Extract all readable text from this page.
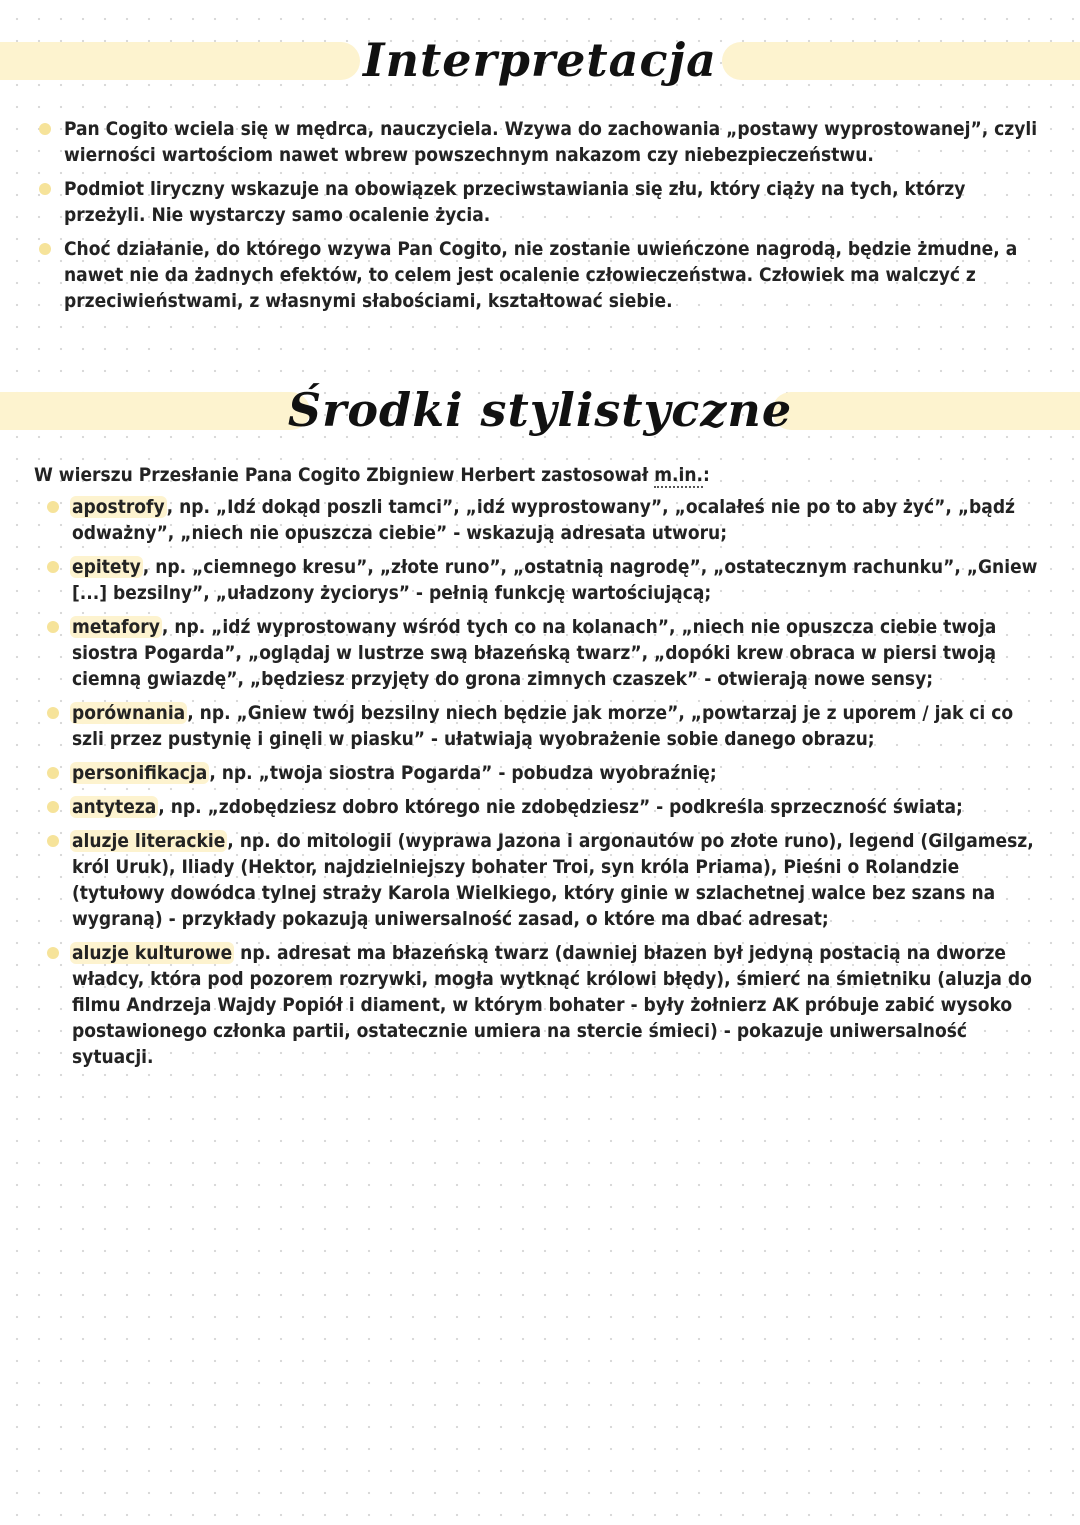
Interpretacja
Pan Cogito wciela się w mędrca, nauczyciela. Wzywa do zachowania „postawy wyprostowanej”, czyli wierności wartościom nawet wbrew powszechnym nakazom czy niebezpieczeństwu.
Podmiot liryczny wskazuje na obowiązek przeciwstawiania się złu, który ciąży na tych, którzy przeżyli. Nie wystarczy samo ocalenie życia.
Choć działanie, do którego wzywa Pan Cogito, nie zostanie uwieńczone nagrodą, będzie żmudne, a nawet nie da żadnych efektów, to celem jest ocalenie człowieczeństwa. Człowiek ma walczyć z przeciwieństwami, z własnymi słabościami, kształtować siebie.
Środki stylistyczne
W wierszu Przesłanie Pana Cogito Zbigniew Herbert zastosował m.in.:
apostrofy , np. „Idź dokąd poszli tamci”, „idź wyprostowany”, „ocalałeś nie po to aby żyć”, „bądź odważny”, „niech nie opuszcza ciebie” - wskazują adresata utworu;
epitety , np. „ciemnego kresu”, „złote runo”, „ostatnią nagrodę”, „ostatecznym rachunku”, „Gniew [...] bezsilny”, „uładzony życiorys” - pełnią funkcję wartościującą;
metafory , np. „idź wyprostowany wśród tych co na kolanach”, „niech nie opuszcza ciebie twoja siostra Pogarda”, „oglądaj w lustrze swą błazeńską twarz”, „dopóki krew obraca w piersi twoją ciemną gwiazdę”, „będziesz przyjęty do grona zimnych czaszek” - otwierają nowe sensy;
porównania , np. „Gniew twój bezsilny niech będzie jak morze”, „powtarzaj je z uporem / jak ci co szli przez pustynię i ginęli w piasku” - ułatwiają wyobrażenie sobie danego obrazu;
personifikacja , np. „twoja siostra Pogarda” - pobudza wyobraźnię;
antyteza , np. „zdobędziesz dobro którego nie zdobędziesz” - podkreśla sprzeczność świata;
aluzje literackie , np. do mitologii (wyprawa Jazona i argonautów po złote runo), legend (Gilgamesz, król Uruk), Iliady (Hektor, najdzielniejszy bohater Troi, syn króla Priama), Pieśni o Rolandzie (tytułowy dowódca tylnej straży Karola Wielkiego, który ginie w szlachetnej walce bez szans na wygraną) - przykłady pokazują uniwersalność zasad, o które ma dbać adresat;
aluzje kulturowe np. adresat ma błazeńską twarz (dawniej błazen był jedyną postacią na dworze władcy, która pod pozorem rozrywki, mogła wytknąć królowi błędy), śmierć na śmietniku (aluzja do filmu Andrzeja Wajdy Popiół i diament, w którym bohater - były żołnierz AK próbuje zabić wysoko postawionego członka partii, ostatecznie umiera na stercie śmieci) - pokazuje uniwersalność sytuacji.
